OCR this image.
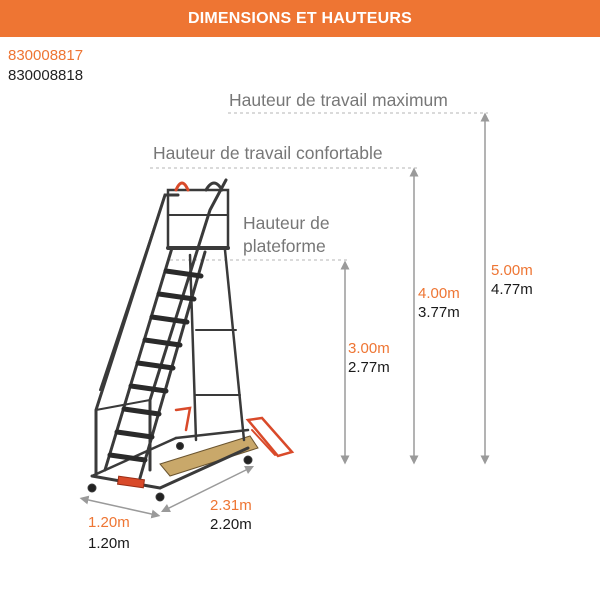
DIMENSIONS ET HAUTEURS
830008817
830008818
Hauteur de travail maximum
Hauteur de travail confortable
Hauteur de
plateforme
3.00m
2.77m
4.00m
3.77m
5.00m
4.77m
1.20m
1.20m
2.31m
2.20m
